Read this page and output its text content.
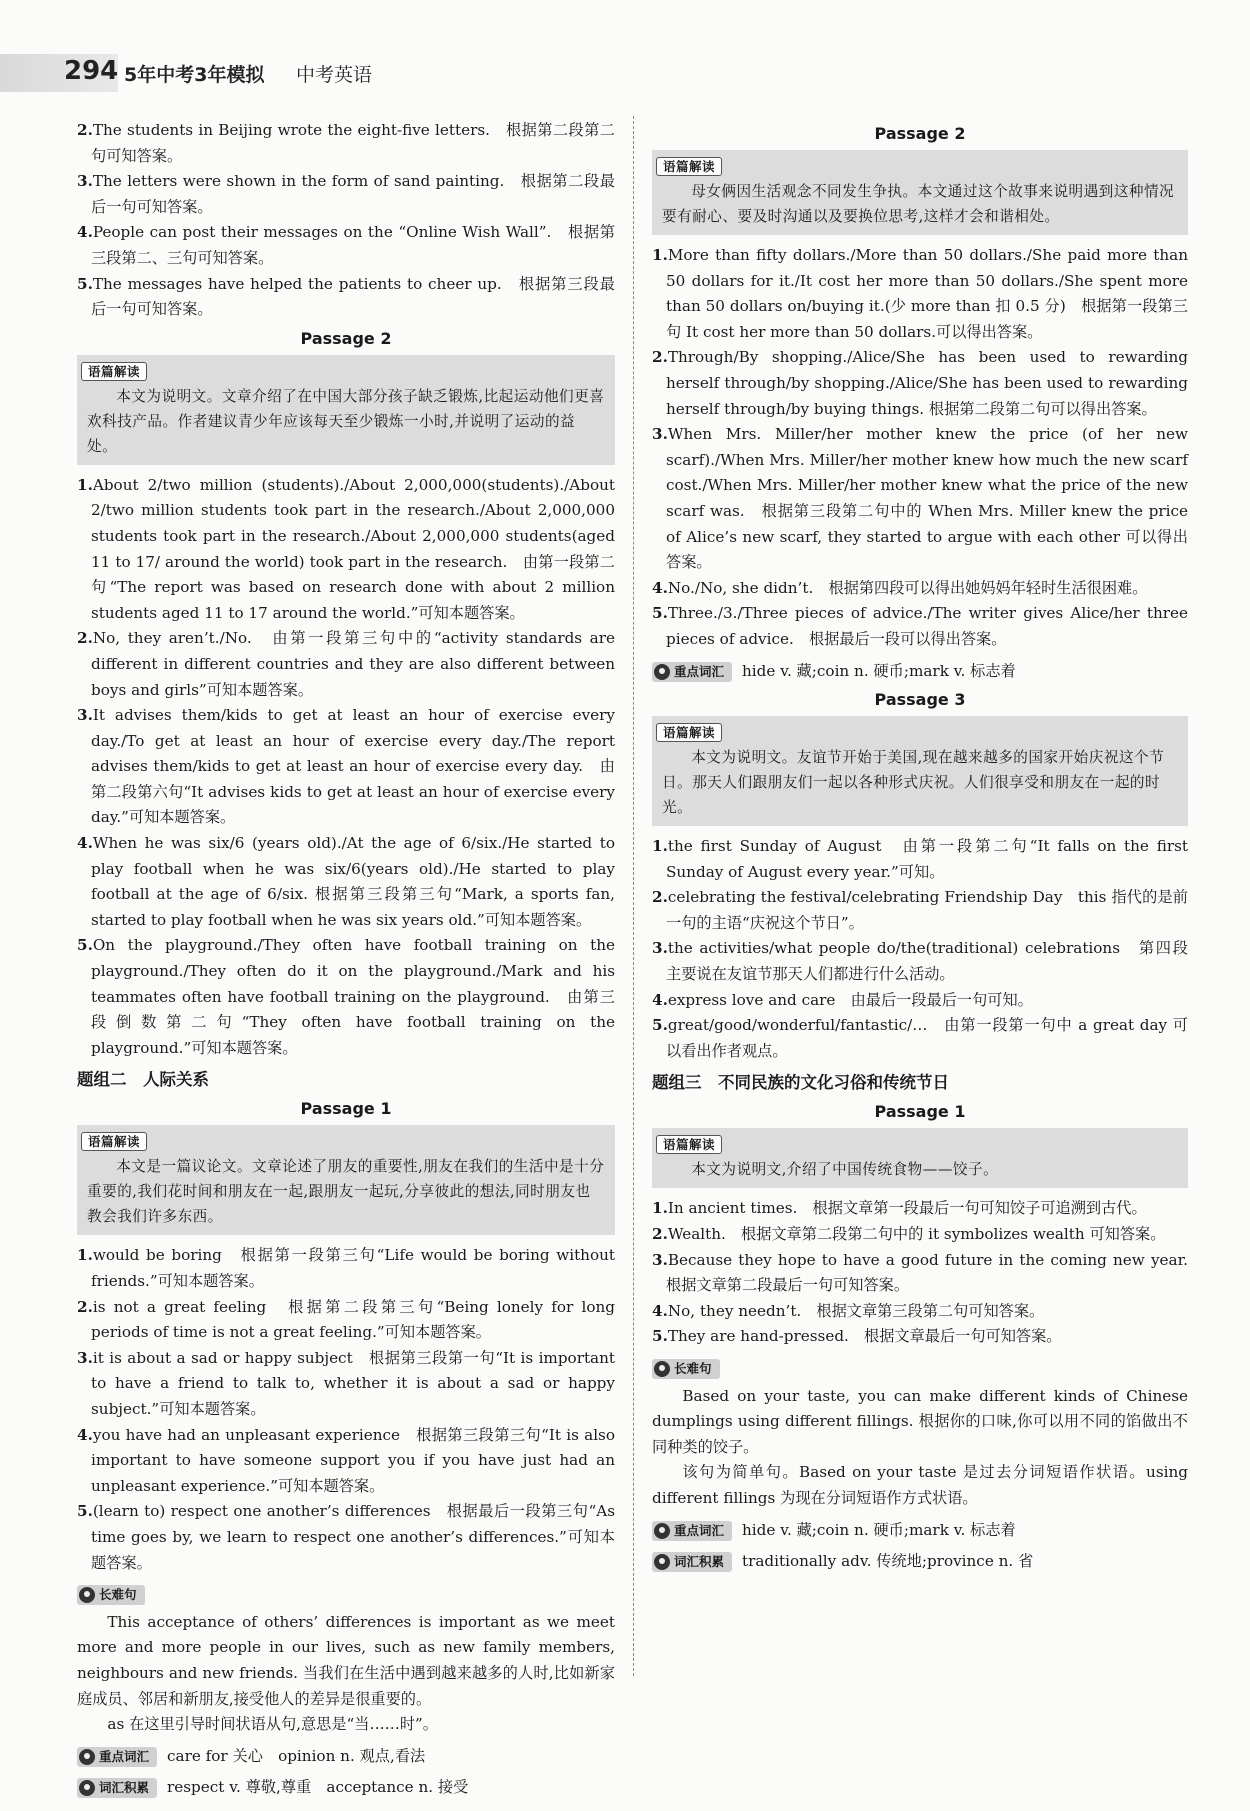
294 5年中考3年模拟 中考英语

2.The students in Beijing wrote the eight-five letters.　根据第二段第二句可知答案。

3.The letters were shown in the form of sand painting.　根据第二段最后一句可知答案。

4.People can post their messages on the “Online Wish Wall”.　根据第三段第二、三句可知答案。

5.The messages have helped the patients to cheer up.　根据第三段最后一句可知答案。

Passage 2
语篇解读

本文为说明文。文章介绍了在中国大部分孩子缺乏锻炼,比起运动他们更喜欢科技产品。作者建议青少年应该每天至少锻炼一小时,并说明了运动的益处。

1.About 2/two million (students)./About 2,000,000(students)./About 2/two million students took part in the research./About 2,000,000 students took part in the research./About 2,000,000 students(aged 11 to 17/ around the world) took part in the research.　由第一段第二句“The report was based on research done with about 2 million students aged 11 to 17 around the world.”可知本题答案。

2.No, they aren’t./No.　由第一段第三句中的“activity standards are different in different countries and they are also different between boys and girls”可知本题答案。

3.It advises them/kids to get at least an hour of exercise every day./To get at least an hour of exercise every day./The report advises them/kids to get at least an hour of exercise every day.　由第二段第六句“It advises kids to get at least an hour of exercise every day.”可知本题答案。

4.When he was six/6 (years old)./At the age of 6/six./He started to play football when he was six/6(years old)./He started to play football at the age of 6/six. 根据第三段第三句“Mark, a sports fan, started to play football when he was six years old.”可知本题答案。

5.On the playground./They often have football training on the playground./They often do it on the playground./Mark and his teammates often have football training on the playground.　由第三段倒数第二句“They often have football training on the playground.”可知本题答案。

题组二　人际关系
Passage 1
语篇解读

本文是一篇议论文。文章论述了朋友的重要性,朋友在我们的生活中是十分重要的,我们花时间和朋友在一起,跟朋友一起玩,分享彼此的想法,同时朋友也教会我们许多东西。

1.would be boring　根据第一段第三句“Life would be boring without friends.”可知本题答案。

2.is not a great feeling　根据第二段第三句“Being lonely for long periods of time is not a great feeling.”可知本题答案。

3.it is about a sad or happy subject　根据第三段第一句“It is important to have a friend to talk to, whether it is about a sad or happy subject.”可知本题答案。

4.you have had an unpleasant experience　根据第三段第三句“It is also important to have someone support you if you have just had an unpleasant experience.”可知本题答案。

5.(learn to) respect one another’s differences　根据最后一段第三句“As time goes by, we learn to respect one another’s differences.”可知本题答案。

长难句

This acceptance of others’ differences is important as we meet more and more people in our lives, such as new family members, neighbours and new friends. 当我们在生活中遇到越来越多的人时,比如新家庭成员、邻居和新朋友,接受他人的差异是很重要的。

as 在这里引导时间状语从句,意思是“当……时”。

重点词汇 care for 关心　opinion n. 观点,看法
词汇积累 respect v. 尊敬,尊重　acceptance n. 接受
Passage 2
语篇解读

母女俩因生活观念不同发生争执。本文通过这个故事来说明遇到这种情况要有耐心、要及时沟通以及要换位思考,这样才会和谐相处。

1.More than fifty dollars./More than 50 dollars./She paid more than 50 dollars for it./It cost her more than 50 dollars./She spent more than 50 dollars on/buying it.(少 more than 扣 0.5 分)　根据第一段第三句 It cost her more than 50 dollars.可以得出答案。

2.Through/By shopping./Alice/She has been used to rewarding herself through/by shopping./Alice/She has been used to rewarding herself through/by buying things. 根据第二段第二句可以得出答案。

3.When Mrs. Miller/her mother knew the price (of her new scarf)./When Mrs. Miller/her mother knew how much the new scarf cost./When Mrs. Miller/her mother knew what the price of the new scarf was.　根据第三段第二句中的 When Mrs. Miller knew the price of Alice’s new scarf, they started to argue with each other 可以得出答案。

4.No./No, she didn’t.　根据第四段可以得出她妈妈年轻时生活很困难。

5.Three./3./Three pieces of advice./The writer gives Alice/her three pieces of advice.　根据最后一段可以得出答案。

重点词汇 hide v. 藏;coin n. 硬币;mark v. 标志着
Passage 3
语篇解读

本文为说明文。友谊节开始于美国,现在越来越多的国家开始庆祝这个节日。那天人们跟朋友们一起以各种形式庆祝。人们很享受和朋友在一起的时光。

1.the first Sunday of August　由第一段第二句“It falls on the first Sunday of August every year.”可知。

2.celebrating the festival/celebrating Friendship Day　this 指代的是前一句的主语“庆祝这个节日”。

3.the activities/what people do/the(traditional) celebrations　第四段主要说在友谊节那天人们都进行什么活动。

4.express love and care　由最后一段最后一句可知。

5.great/good/wonderful/fantastic/…　由第一段第一句中 a great day 可以看出作者观点。

题组三　不同民族的文化习俗和传统节日
Passage 1
语篇解读

本文为说明文,介绍了中国传统食物——饺子。

1.In ancient times.　根据文章第一段最后一句可知饺子可追溯到古代。

2.Wealth.　根据文章第二段第二句中的 it symbolizes wealth 可知答案。

3.Because they hope to have a good future in the coming new year.　根据文章第二段最后一句可知答案。

4.No, they needn’t.　根据文章第三段第二句可知答案。

5.They are hand-pressed.　根据文章最后一句可知答案。

长难句

Based on your taste, you can make different kinds of Chinese dumplings using different fillings. 根据你的口味,你可以用不同的馅做出不同种类的饺子。

该句为简单句。Based on your taste 是过去分词短语作状语。using different fillings 为现在分词短语作方式状语。

重点词汇 hide v. 藏;coin n. 硬币;mark v. 标志着
词汇积累 traditionally adv. 传统地;province n. 省
